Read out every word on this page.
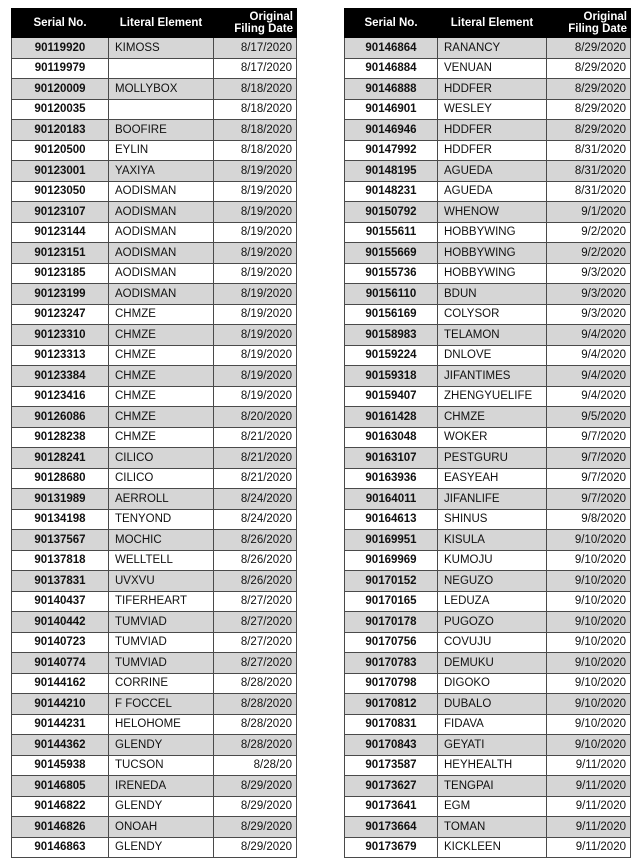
Serial No.	Literal Element	Original
Filing Date
90119920	KIMOSS	8/17/2020
90119979		8/17/2020
90120009	MOLLYBOX	8/18/2020
90120035		8/18/2020
90120183	BOOFIRE	8/18/2020
90120500	EYLIN	8/18/2020
90123001	YAXIYA	8/19/2020
90123050	AODISMAN	8/19/2020
90123107	AODISMAN	8/19/2020
90123144	AODISMAN	8/19/2020
90123151	AODISMAN	8/19/2020
90123185	AODISMAN	8/19/2020
90123199	AODISMAN	8/19/2020
90123247	CHMZE	8/19/2020
90123310	CHMZE	8/19/2020
90123313	CHMZE	8/19/2020
90123384	CHMZE	8/19/2020
90123416	CHMZE	8/19/2020
90126086	CHMZE	8/20/2020
90128238	CHMZE	8/21/2020
90128241	CILICO	8/21/2020
90128680	CILICO	8/21/2020
90131989	AERROLL	8/24/2020
90134198	TENYOND	8/24/2020
90137567	MOCHIC	8/26/2020
90137818	WELLTELL	8/26/2020
90137831	UVXVU	8/26/2020
90140437	TIFERHEART	8/27/2020
90140442	TUMVIAD	8/27/2020
90140723	TUMVIAD	8/27/2020
90140774	TUMVIAD	8/27/2020
90144162	CORRINE	8/28/2020
90144210	F FOCCEL	8/28/2020
90144231	HELOHOME	8/28/2020
90144362	GLENDY	8/28/2020
90145938	TUCSON	8/28/20
90146805	IRENEDA	8/29/2020
90146822	GLENDY	8/29/2020
90146826	ONOAH	8/29/2020
90146863	GLENDY	8/29/2020
Serial No.	Literal Element	Original
Filing Date
90146864	RANANCY	8/29/2020
90146884	VENUAN	8/29/2020
90146888	HDDFER	8/29/2020
90146901	WESLEY	8/29/2020
90146946	HDDFER	8/29/2020
90147992	HDDFER	8/31/2020
90148195	AGUEDA	8/31/2020
90148231	AGUEDA	8/31/2020
90150792	WHENOW	9/1/2020
90155611	HOBBYWING	9/2/2020
90155669	HOBBYWING	9/2/2020
90155736	HOBBYWING	9/3/2020
90156110	BDUN	9/3/2020
90156169	COLYSOR	9/3/2020
90158983	TELAMON	9/4/2020
90159224	DNLOVE	9/4/2020
90159318	JIFANTIMES	9/4/2020
90159407	ZHENGYUELIFE	9/4/2020
90161428	CHMZE	9/5/2020
90163048	WOKER	9/7/2020
90163107	PESTGURU	9/7/2020
90163936	EASYEAH	9/7/2020
90164011	JIFANLIFE	9/7/2020
90164613	SHINUS	9/8/2020
90169951	KISULA	9/10/2020
90169969	KUMOJU	9/10/2020
90170152	NEGUZO	9/10/2020
90170165	LEDUZA	9/10/2020
90170178	PUGOZO	9/10/2020
90170756	COVUJU	9/10/2020
90170783	DEMUKU	9/10/2020
90170798	DIGOKO	9/10/2020
90170812	DUBALO	9/10/2020
90170831	FIDAVA	9/10/2020
90170843	GEYATI	9/10/2020
90173587	HEYHEALTH	9/11/2020
90173627	TENGPAI	9/11/2020
90173641	EGM	9/11/2020
90173664	TOMAN	9/11/2020
90173679	KICKLEEN	9/11/2020
